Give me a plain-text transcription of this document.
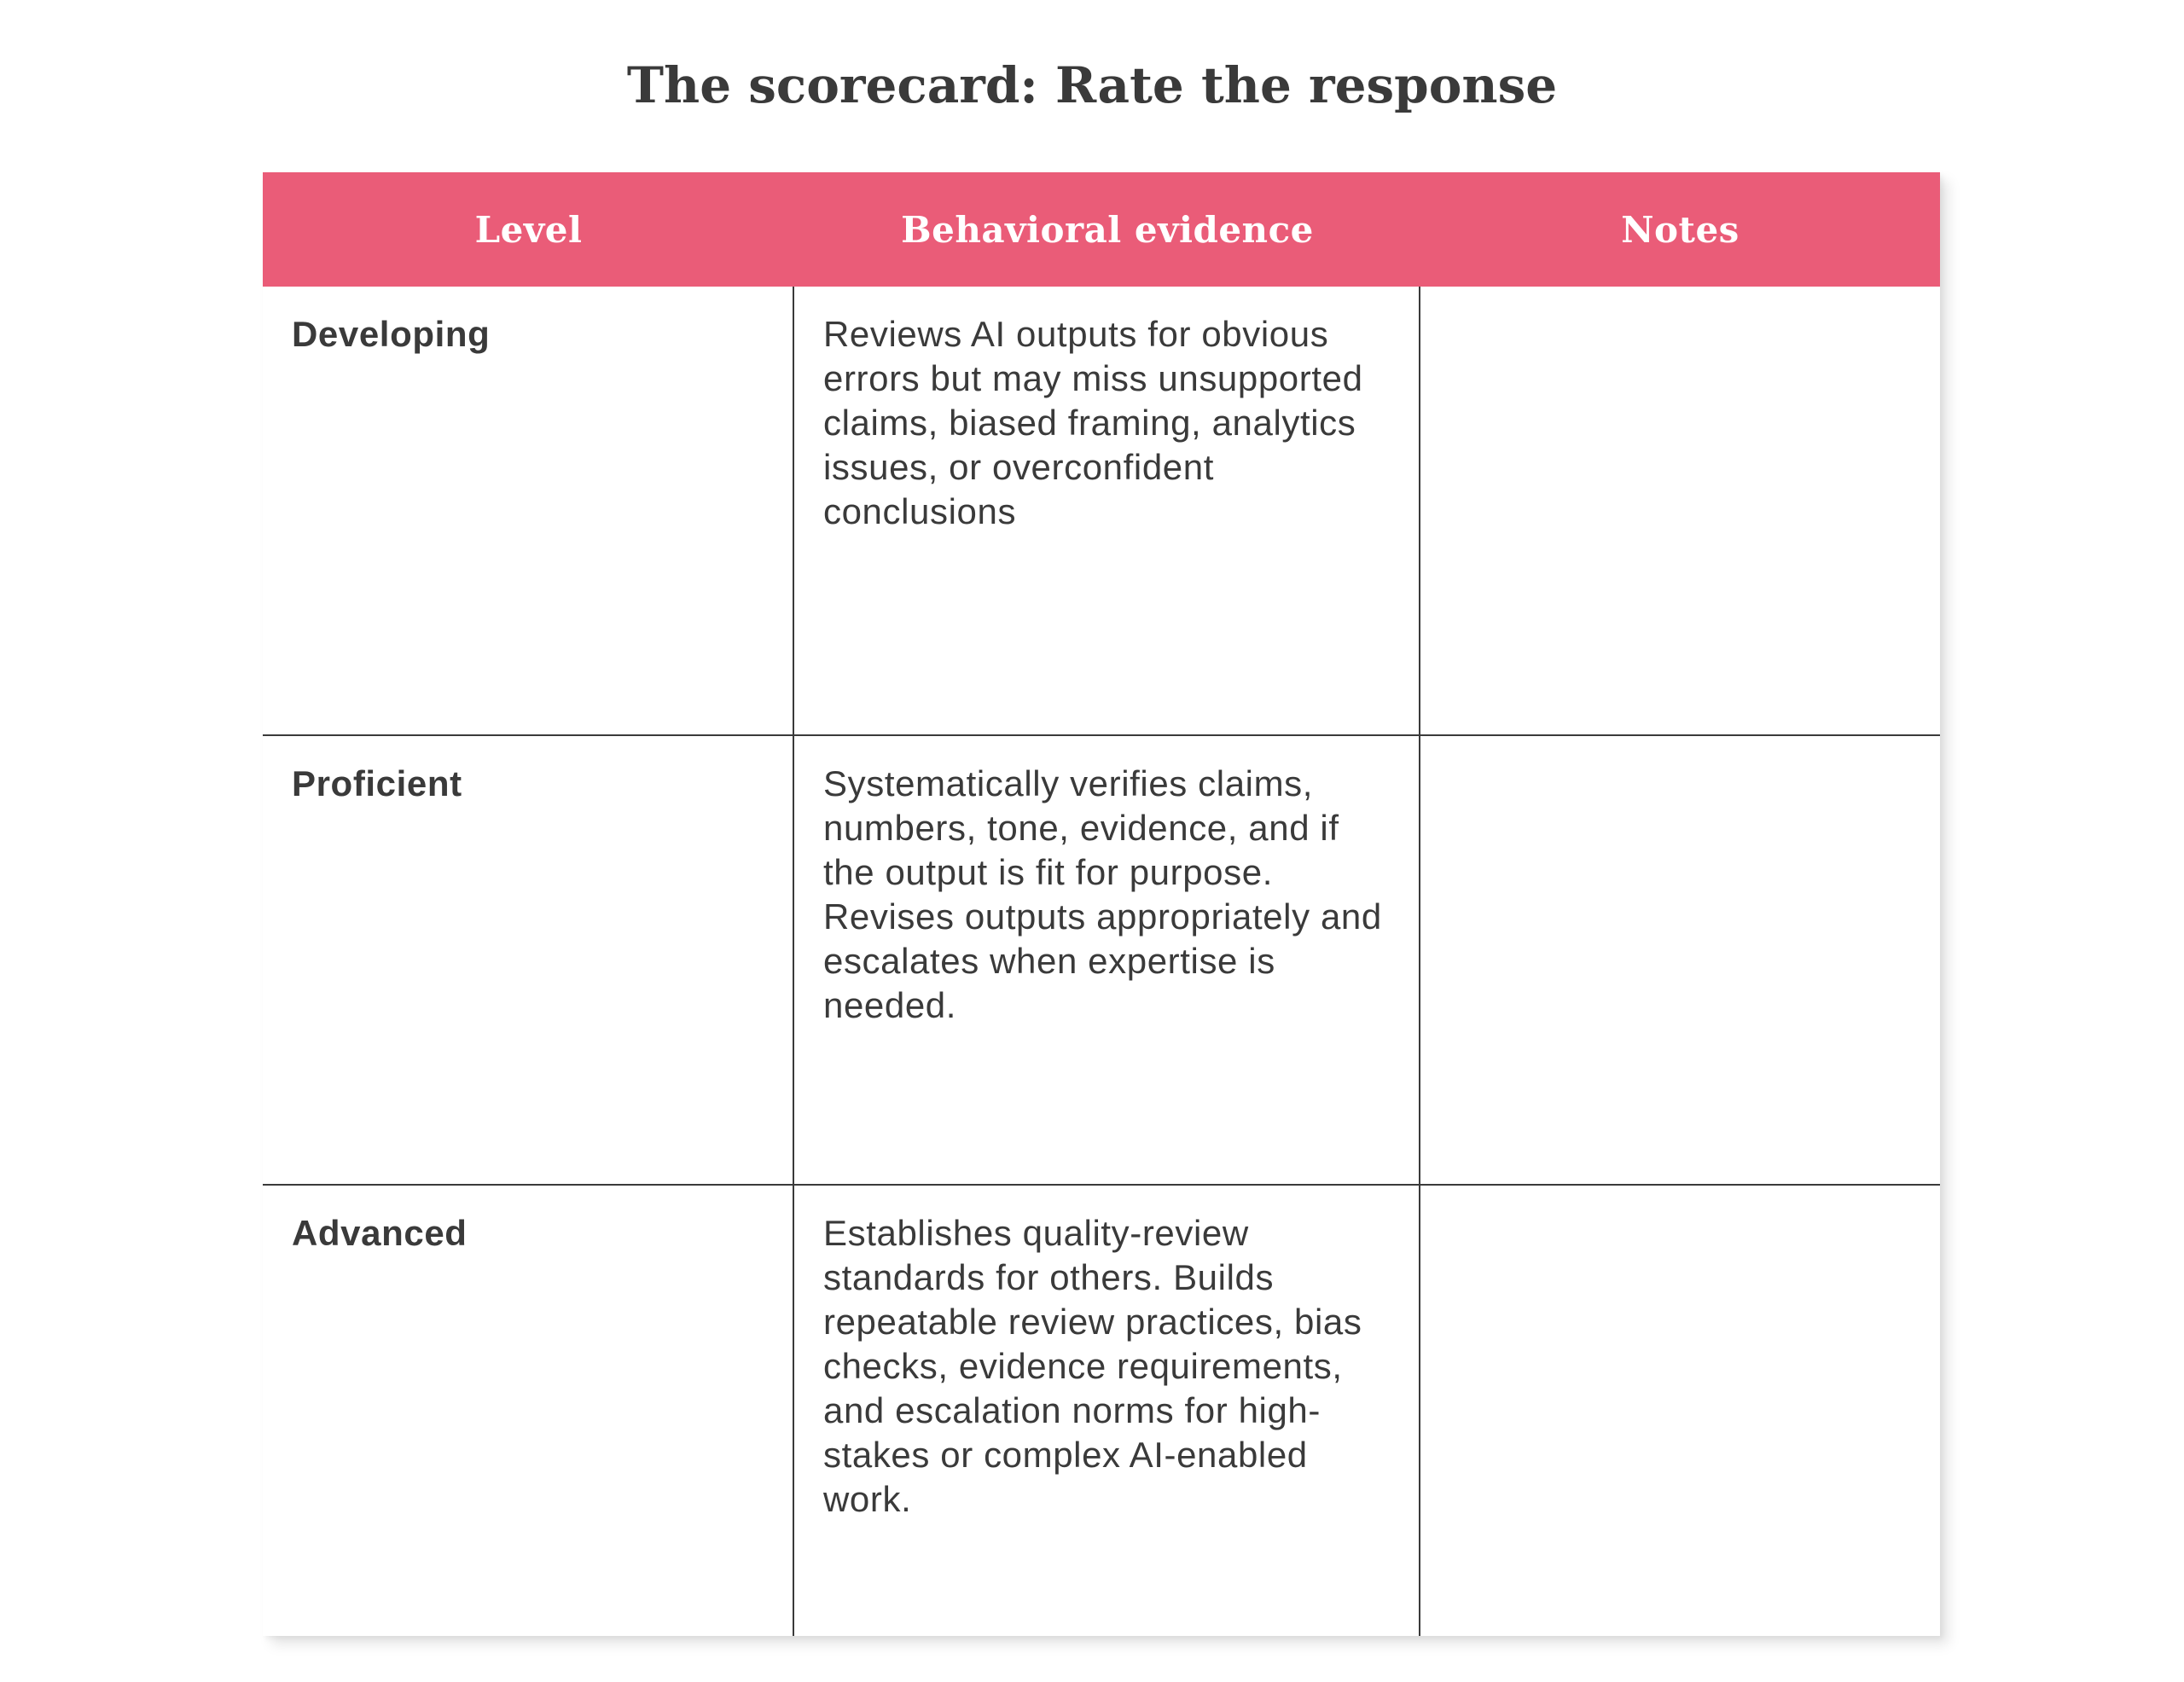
The scorecard: Rate the response
Level	Behavioral evidence	Notes
Developing	Reviews AI outputs for obvious errors but may miss unsupported claims, biased framing, analytics issues, or overconfident conclusions
Proficient	Systematically verifies claims, numbers, tone, evidence, and if the output is fit for purpose. Revises outputs appropriately and escalates when expertise is needed.
Advanced	Establishes quality-review standards for others. Builds repeatable review practices, bias checks, evidence requirements, and escalation norms for high-stakes or complex AI-enabled work.
